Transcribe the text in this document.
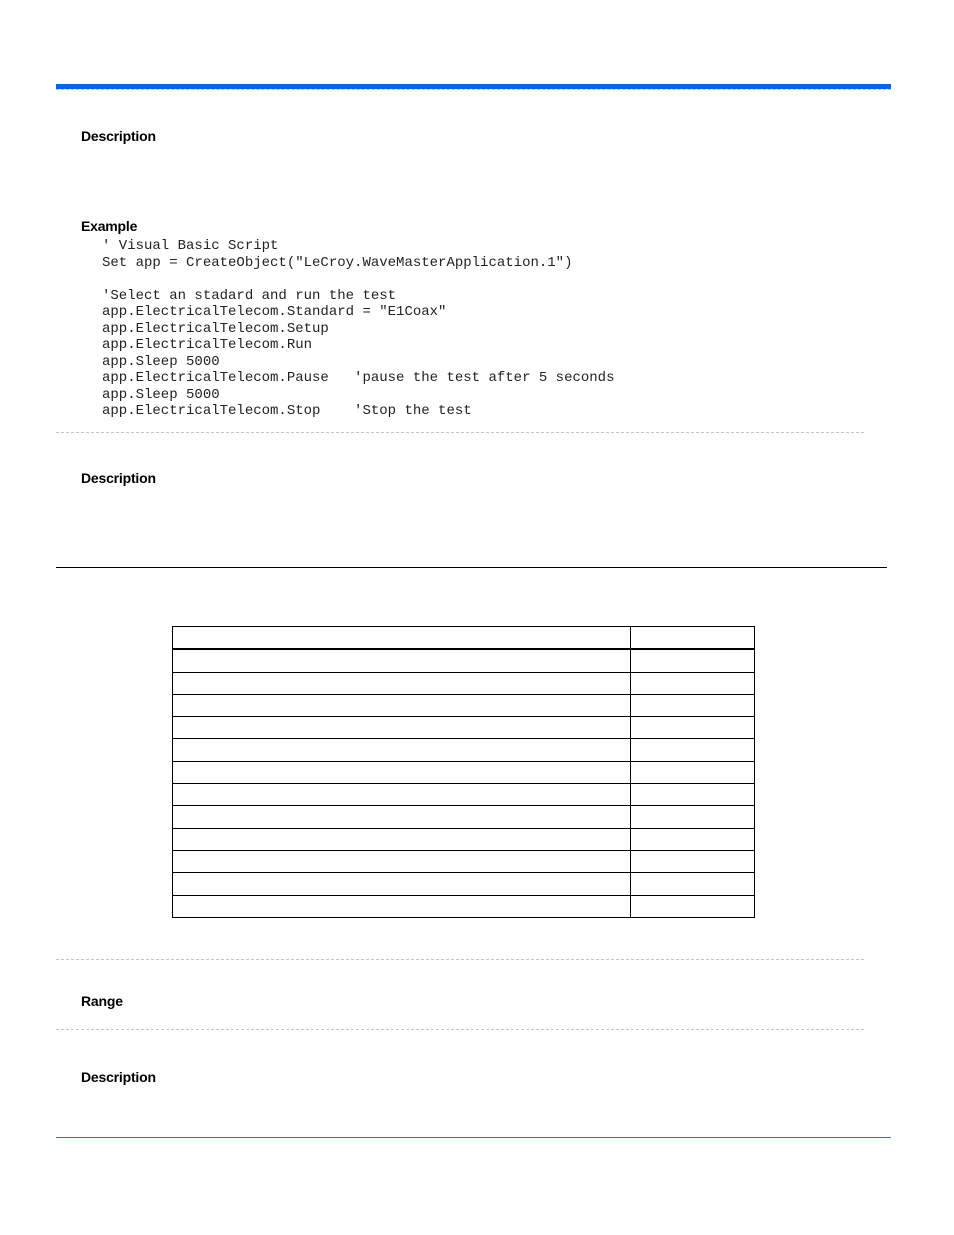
Description
Example
' Visual Basic Script
Set app = CreateObject("LeCroy.WaveMasterApplication.1")

'Select an stadard and run the test
app.ElectricalTelecom.Standard = "E1Coax"
app.ElectricalTelecom.Setup
app.ElectricalTelecom.Run
app.Sleep 5000
app.ElectricalTelecom.Pause   'pause the test after 5 seconds
app.Sleep 5000
app.ElectricalTelecom.Stop    'Stop the test
Description

Range
Description
